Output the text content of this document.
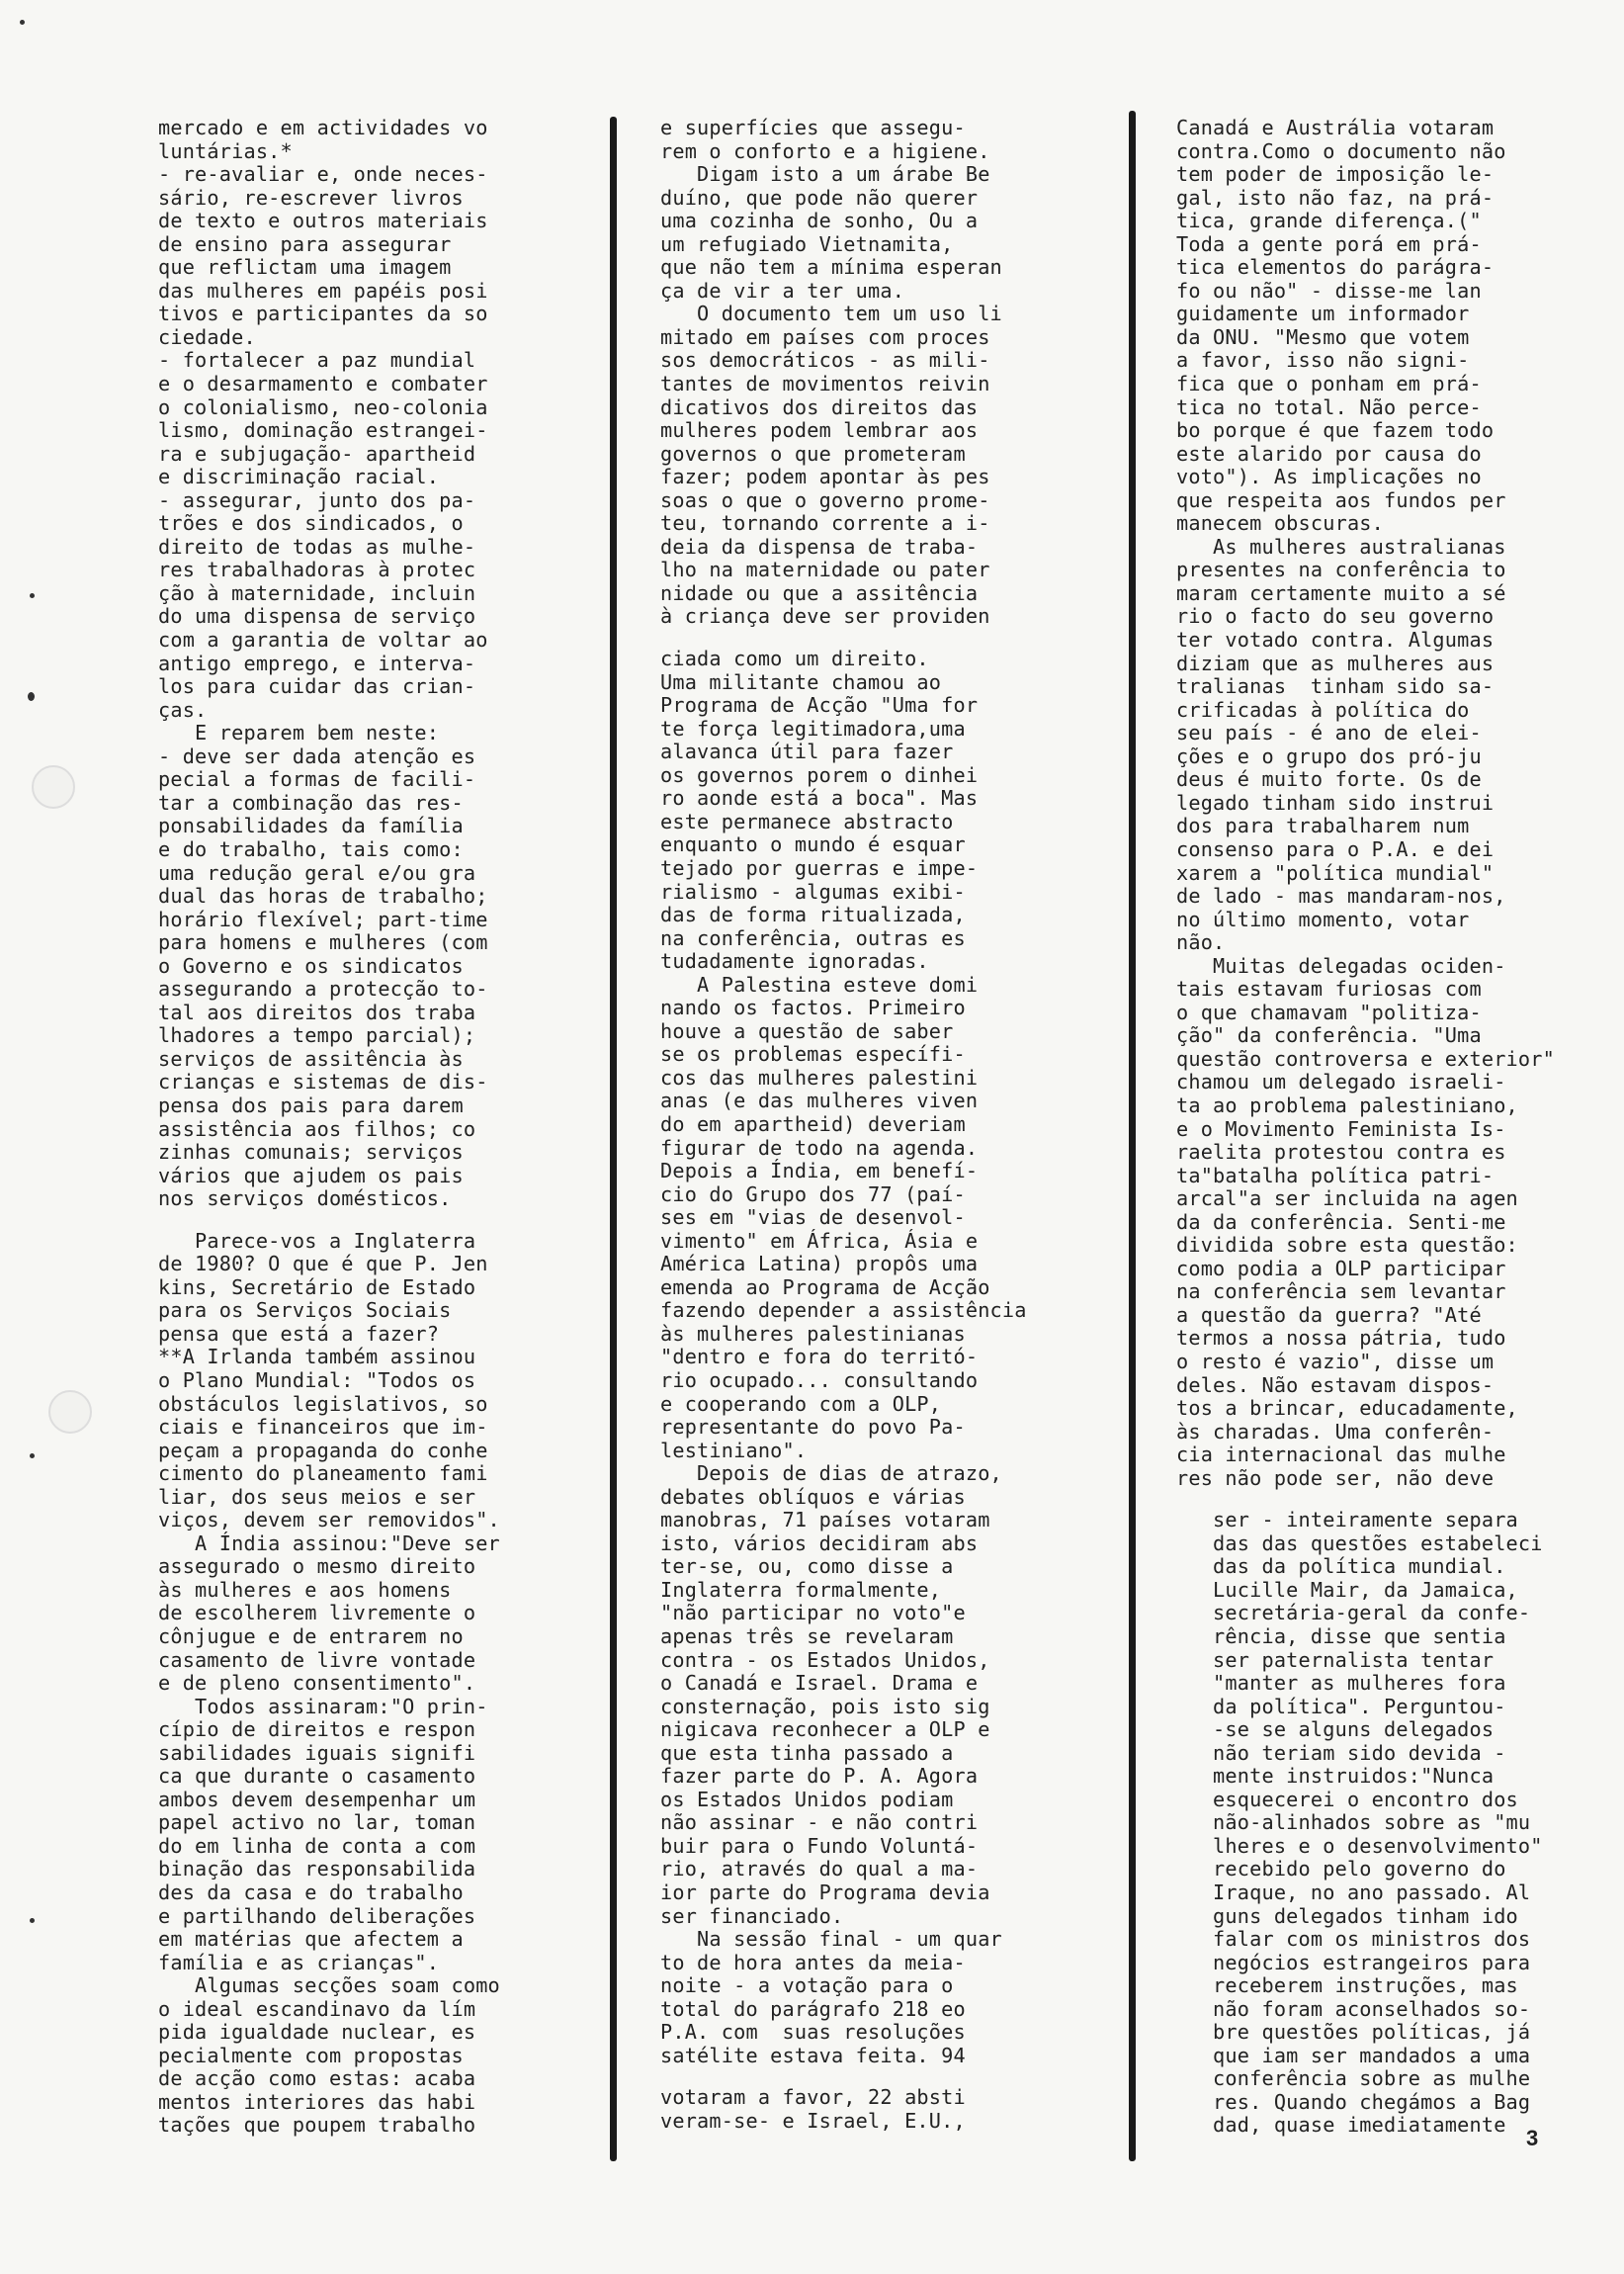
mercado e em actividades vo
luntárias.*
- re-avaliar e, onde neces-
sário, re-escrever livros
de texto e outros materiais
de ensino para assegurar
que reflictam uma imagem
das mulheres em papéis posi
tivos e participantes da so
ciedade.
- fortalecer a paz mundial
e o desarmamento e combater
o colonialismo, neo-colonia
lismo, dominação estrangei-
ra e subjugação- apartheid
e discriminação racial.
- assegurar, junto dos pa-
trões e dos sindicados, o
direito de todas as mulhe-
res trabalhadoras à protec
ção à maternidade, incluin
do uma dispensa de serviço
com a garantia de voltar ao
antigo emprego, e interva-
los para cuidar das crian-
ças.

E reparem bem neste:
- deve ser dada atenção es
pecial a formas de facili-
tar a combinação das res-
ponsabilidades da família
e do trabalho, tais como:
uma redução geral e/ou gra
dual das horas de trabalho;
horário flexível; part-time
para homens e mulheres (com
o Governo e os sindicatos
assegurando a protecção to-
tal aos direitos dos traba
lhadores a tempo parcial);
serviços de assitência às
crianças e sistemas de dis-
pensa dos pais para darem
assistência aos filhos; co
zinhas comunais; serviços
vários que ajudem os pais
nos serviços domésticos.

Parece-vos a Inglaterra
de 1980? O que é que P. Jen
kins, Secretário de Estado
para os Serviços Sociais
pensa que está a fazer?
**A Irlanda também assinou
o Plano Mundial: "Todos os
obstáculos legislativos, so
ciais e financeiros que im-
peçam a propaganda do conhe
cimento do planeamento fami
liar, dos seus meios e ser
viços, devem ser removidos".
A Índia assinou:"Deve ser
assegurado o mesmo direito
às mulheres e aos homens
de escolherem livremente o
cônjugue e de entrarem no
casamento de livre vontade
e de pleno consentimento".
Todos assinaram:"O prin-
cípio de direitos e respon
sabilidades iguais signifi
ca que durante o casamento
ambos devem desempenhar um
papel activo no lar, toman
do em linha de conta a com
binação das responsabilida
des da casa e do trabalho
e partilhando deliberações
em matérias que afectem a
família e as crianças".
Algumas secções soam como
o ideal escandinavo da lím
pida igualdade nuclear, es
pecialmente com propostas
de acção como estas: acaba
mentos interiores das habi
tações que poupem trabalho

e superfícies que assegu-
rem o conforto e a higiene.
Digam isto a um árabe Be
duíno, que pode não querer
uma cozinha de sonho, Ou a
um refugiado Vietnamita,
que não tem a mínima esperan
ça de vir a ter uma.
O documento tem um uso li
mitado em países com proces
sos democráticos - as mili-
tantes de movimentos reivin
dicativos dos direitos das
mulheres podem lembrar aos
governos o que prometeram
fazer; podem apontar às pes
soas o que o governo prome-
teu, tornando corrente a i-
deia da dispensa de traba-
lho na maternidade ou pater
nidade ou que a assitência
à criança deve ser providen

ciada como um direito.
Uma militante chamou ao
Programa de Acção "Uma for
te força legitimadora,uma
alavanca útil para fazer
os governos porem o dinhei
ro aonde está a boca". Mas
este permanece abstracto
enquanto o mundo é esquar
tejado por guerras e impe-
rialismo - algumas exibi-
das de forma ritualizada,
na conferência, outras es
tudadamente ignoradas.
A Palestina esteve domi
nando os factos. Primeiro
houve a questão de saber
se os problemas específi-
cos das mulheres palestini
anas (e das mulheres viven
do em apartheid) deveriam
figurar de todo na agenda.
Depois a Índia, em benefí-
cio do Grupo dos 77 (paí-
ses em "vias de desenvol-
vimento" em África, Ásia e
América Latina) propôs uma
emenda ao Programa de Acção
fazendo depender a assistência
às mulheres palestinianas
"dentro e fora do territó-
rio ocupado... consultando
e cooperando com a OLP,
representante do povo Pa-
lestiniano".
Depois de dias de atrazo,
debates oblíquos e várias
manobras, 71 países votaram
isto, vários decidiram abs
ter-se, ou, como disse a
Inglaterra formalmente,
"não participar no voto"e
apenas três se revelaram
contra - os Estados Unidos,
o Canadá e Israel. Drama e
consternação, pois isto sig
nigicava reconhecer a OLP e
que esta tinha passado a
fazer parte do P. A. Agora
os Estados Unidos podiam
não assinar - e não contri
buir para o Fundo Voluntá-
rio, através do qual a ma-
ior parte do Programa devia
ser financiado.
Na sessão final - um quar
to de hora antes da meia-
noite - a votação para o
total do parágrafo 218 eo
P.A. com  suas resoluções
satélite estava feita. 94

votaram a favor, 22 absti
veram-se- e Israel, E.U.,

Canadá e Austrália votaram
contra.Como o documento não
tem poder de imposição le-
gal, isto não faz, na prá-
tica, grande diferença.("
Toda a gente porá em prá-
tica elementos do parágra-
fo ou não" - disse-me lan
guidamente um informador
da ONU. "Mesmo que votem
a favor, isso não signi-
fica que o ponham em prá-
tica no total. Não perce-
bo porque é que fazem todo
este alarido por causa do
voto"). As implicações no
que respeita aos fundos per
manecem obscuras.
As mulheres australianas
presentes na conferência to
maram certamente muito a sé
rio o facto do seu governo
ter votado contra. Algumas
diziam que as mulheres aus
tralianas  tinham sido sa-
crificadas à política do
seu país - é ano de elei-
ções e o grupo dos pró-ju
deus é muito forte. Os de
legado tinham sido instrui
dos para trabalharem num
consenso para o P.A. e dei
xarem a "política mundial"
de lado - mas mandaram-nos,
no último momento, votar
não.
Muitas delegadas ociden-
tais estavam furiosas com
o que chamavam "politiza-
ção" da conferência. "Uma
questão controversa e exterior"
chamou um delegado israeli-
ta ao problema palestiniano,
e o Movimento Feminista Is-
raelita protestou contra es
ta"batalha política patri-
arcal"a ser incluida na agen
da da conferência. Senti-me
dividida sobre esta questão:
como podia a OLP participar
na conferência sem levantar
a questão da guerra? "Até
termos a nossa pátria, tudo
o resto é vazio", disse um
deles. Não estavam dispos-
tos a brincar, educadamente,
às charadas. Uma conferên-
cia internacional das mulhe
res não pode ser, não deve

ser - inteiramente separa
das das questões estabeleci
das da política mundial.
Lucille Mair, da Jamaica,
secretária-geral da confe-
rência, disse que sentia
ser paternalista tentar
"manter as mulheres fora
da política". Perguntou-
-se se alguns delegados
não teriam sido devida -
mente instruidos:"Nunca
esquecerei o encontro dos
não-alinhados sobre as "mu
lheres e o desenvolvimento"
recebido pelo governo do
Iraque, no ano passado. Al
guns delegados tinham ido
falar com os ministros dos
negócios estrangeiros para
receberem instruções, mas
não foram aconselhados so-
bre questões políticas, já
que iam ser mandados a uma
conferência sobre as mulhe
res. Quando chegámos a Bag
dad, quase imediatamente

3
